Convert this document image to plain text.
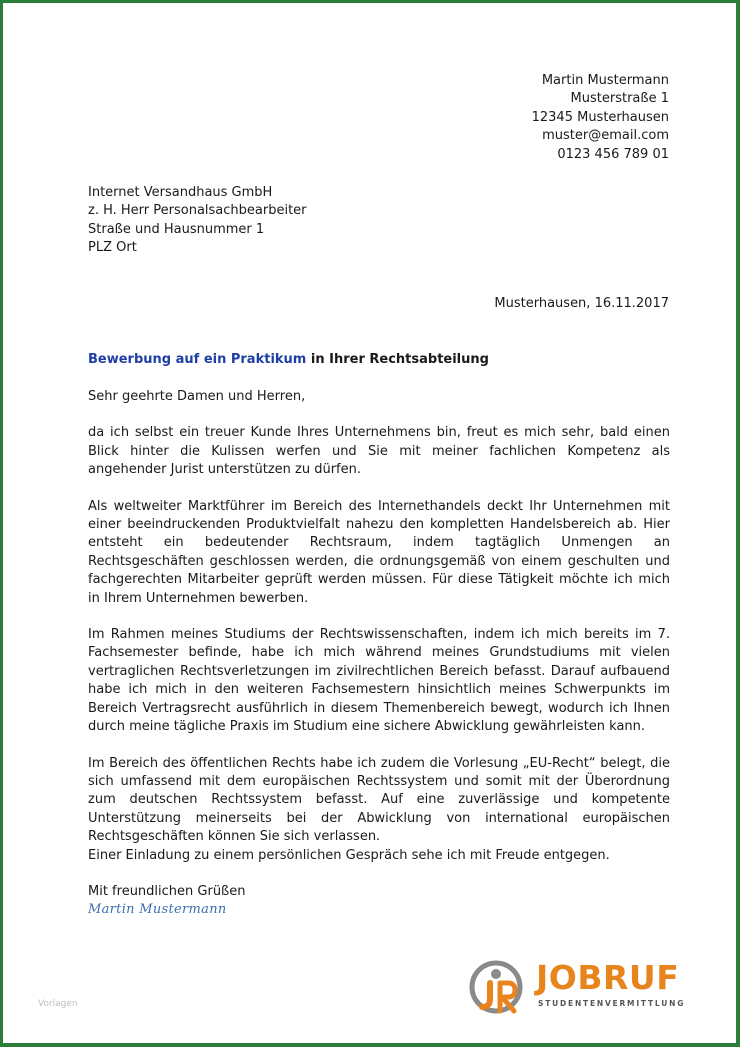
Martin Mustermann
Musterstraße 1
12345 Musterhausen
muster@email.com
0123 456 789 01
Internet Versandhaus GmbH
z. H. Herr Personalsachbearbeiter
Straße und Hausnummer 1
PLZ Ort
Musterhausen, 16.11.2017
Bewerbung auf ein Praktikum in Ihrer Rechtsabteilung

Sehr geehrte Damen und Herren,

da ich selbst ein treuer Kunde Ihres Unternehmens bin, freut es mich sehr, bald einen Blick hinter die Kulissen werfen und Sie mit meiner fachlichen Kompetenz als angehender Jurist unterstützen zu dürfen.

Als weltweiter Marktführer im Bereich des Internethandels deckt Ihr Unternehmen mit einer beeindruckenden Produktvielfalt nahezu den kompletten Handelsbereich ab. Hier entsteht ein bedeutender Rechtsraum, indem tagtäglich Unmengen an Rechtsgeschäften geschlossen werden, die ordnungsgemäß von einem geschulten und fachgerechten Mitarbeiter geprüft werden müssen. Für diese Tätigkeit möchte ich mich in Ihrem Unternehmen bewerben.

Im Rahmen meines Studiums der Rechtswissenschaften, indem ich mich bereits im 7. Fachsemester befinde, habe ich mich während meines Grundstudiums mit vielen vertraglichen Rechtsverletzungen im zivilrechtlichen Bereich befasst. Darauf aufbauend habe ich mich in den weiteren Fachsemestern hinsichtlich meines Schwerpunkts im Bereich Vertragsrecht ausführlich in diesem Themenbereich bewegt, wodurch ich Ihnen durch meine tägliche Praxis im Studium eine sichere Abwicklung gewährleisten kann.

Im Bereich des öffentlichen Rechts habe ich zudem die Vorlesung „EU-Recht“ belegt, die sich umfassend mit dem europäischen Rechtssystem und somit mit der Überordnung zum deutschen Rechtssystem befasst. Auf eine zuverlässige und kompetente Unterstützung meinerseits bei der Abwicklung von international europäischen Rechtsgeschäften können Sie sich verlassen.

Einer Einladung zu einem persönlichen Gespräch sehe ich mit Freude entgegen.

Mit freundlichen Grüßen

Martin Mustermann

Vorlagen
JOBRUF
STUDENTENVERMITTLUNG
